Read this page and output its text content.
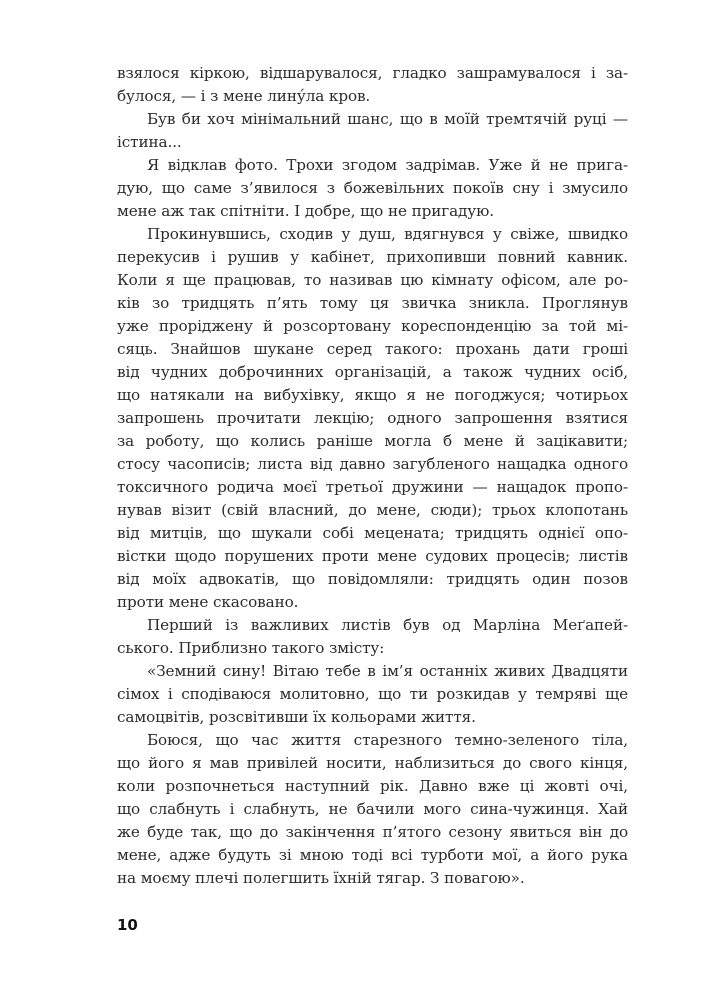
взялося кіркою, відшарувалося, гладко зашрамувалося і за-
булося, — і з мене лину́ла кров.
Був би хоч мінімальний шанс, що в моїй тремтячій руці —
істина...
Я відклав фото. Трохи згодом задрімав. Уже й не прига-
дую, що саме з’явилося з божевільних покоїв сну і змусило
мене аж так спітніти. І добре, що не пригадую.
Прокинувшись, сходив у душ, вдягнувся у свіже, швидко
перекусив і рушив у кабінет, прихопивши повний кавник.
Коли я ще працював, то називав цю кімнату офісом, але ро-
ків зо тридцять п’ять тому ця звичка зникла. Проглянув
уже проріджену й розсортовану кореспонденцію за той мі-
сяць. Знайшов шукане серед такого: прохань дати гроші
від чудних доброчинних організацій, а також чудних осіб,
що натякали на вибухівку, якщо я не погоджуся; чотирьох
запрошень прочитати лекцію; одного запрошення взятися
за роботу, що колись раніше могла б мене й зацікавити;
стосу часописів; листа від давно загубленого нащадка одного
токсичного родича моєї третьої дружини — нащадок пропо-
нував візит (свій власний, до мене, сюди); трьох клопотань
від митців, що шукали собі мецената; тридцять однієї опо-
вістки щодо порушених проти мене судових процесів; листів
від моїх адвокатів, що повідомляли: тридцять один позов
проти мене скасовано.
Перший із важливих листів був од Марліна Меґапей-
ського. Приблизно такого змісту:
«Земний сину! Вітаю тебе в ім’я останніх живих Двадцяти
сімох і сподіваюся молитовно, що ти розкидав у темряві ще
самоцвітів, розсвітивши їх кольорами життя.
Боюся, що час життя старезного темно-зеленого тіла,
що його я мав привілей носити, наблизиться до свого кінця,
коли розпочнеться наступний рік. Давно вже ці жовті очі,
що слабнуть і слабнуть, не бачили мого сина-чужинця. Хай
же буде так, що до закінчення п’ятого сезону явиться він до
мене, адже будуть зі мною тоді всі турботи мої, а його рука
на моєму плечі полегшить їхній тягар. З повагою».
10
